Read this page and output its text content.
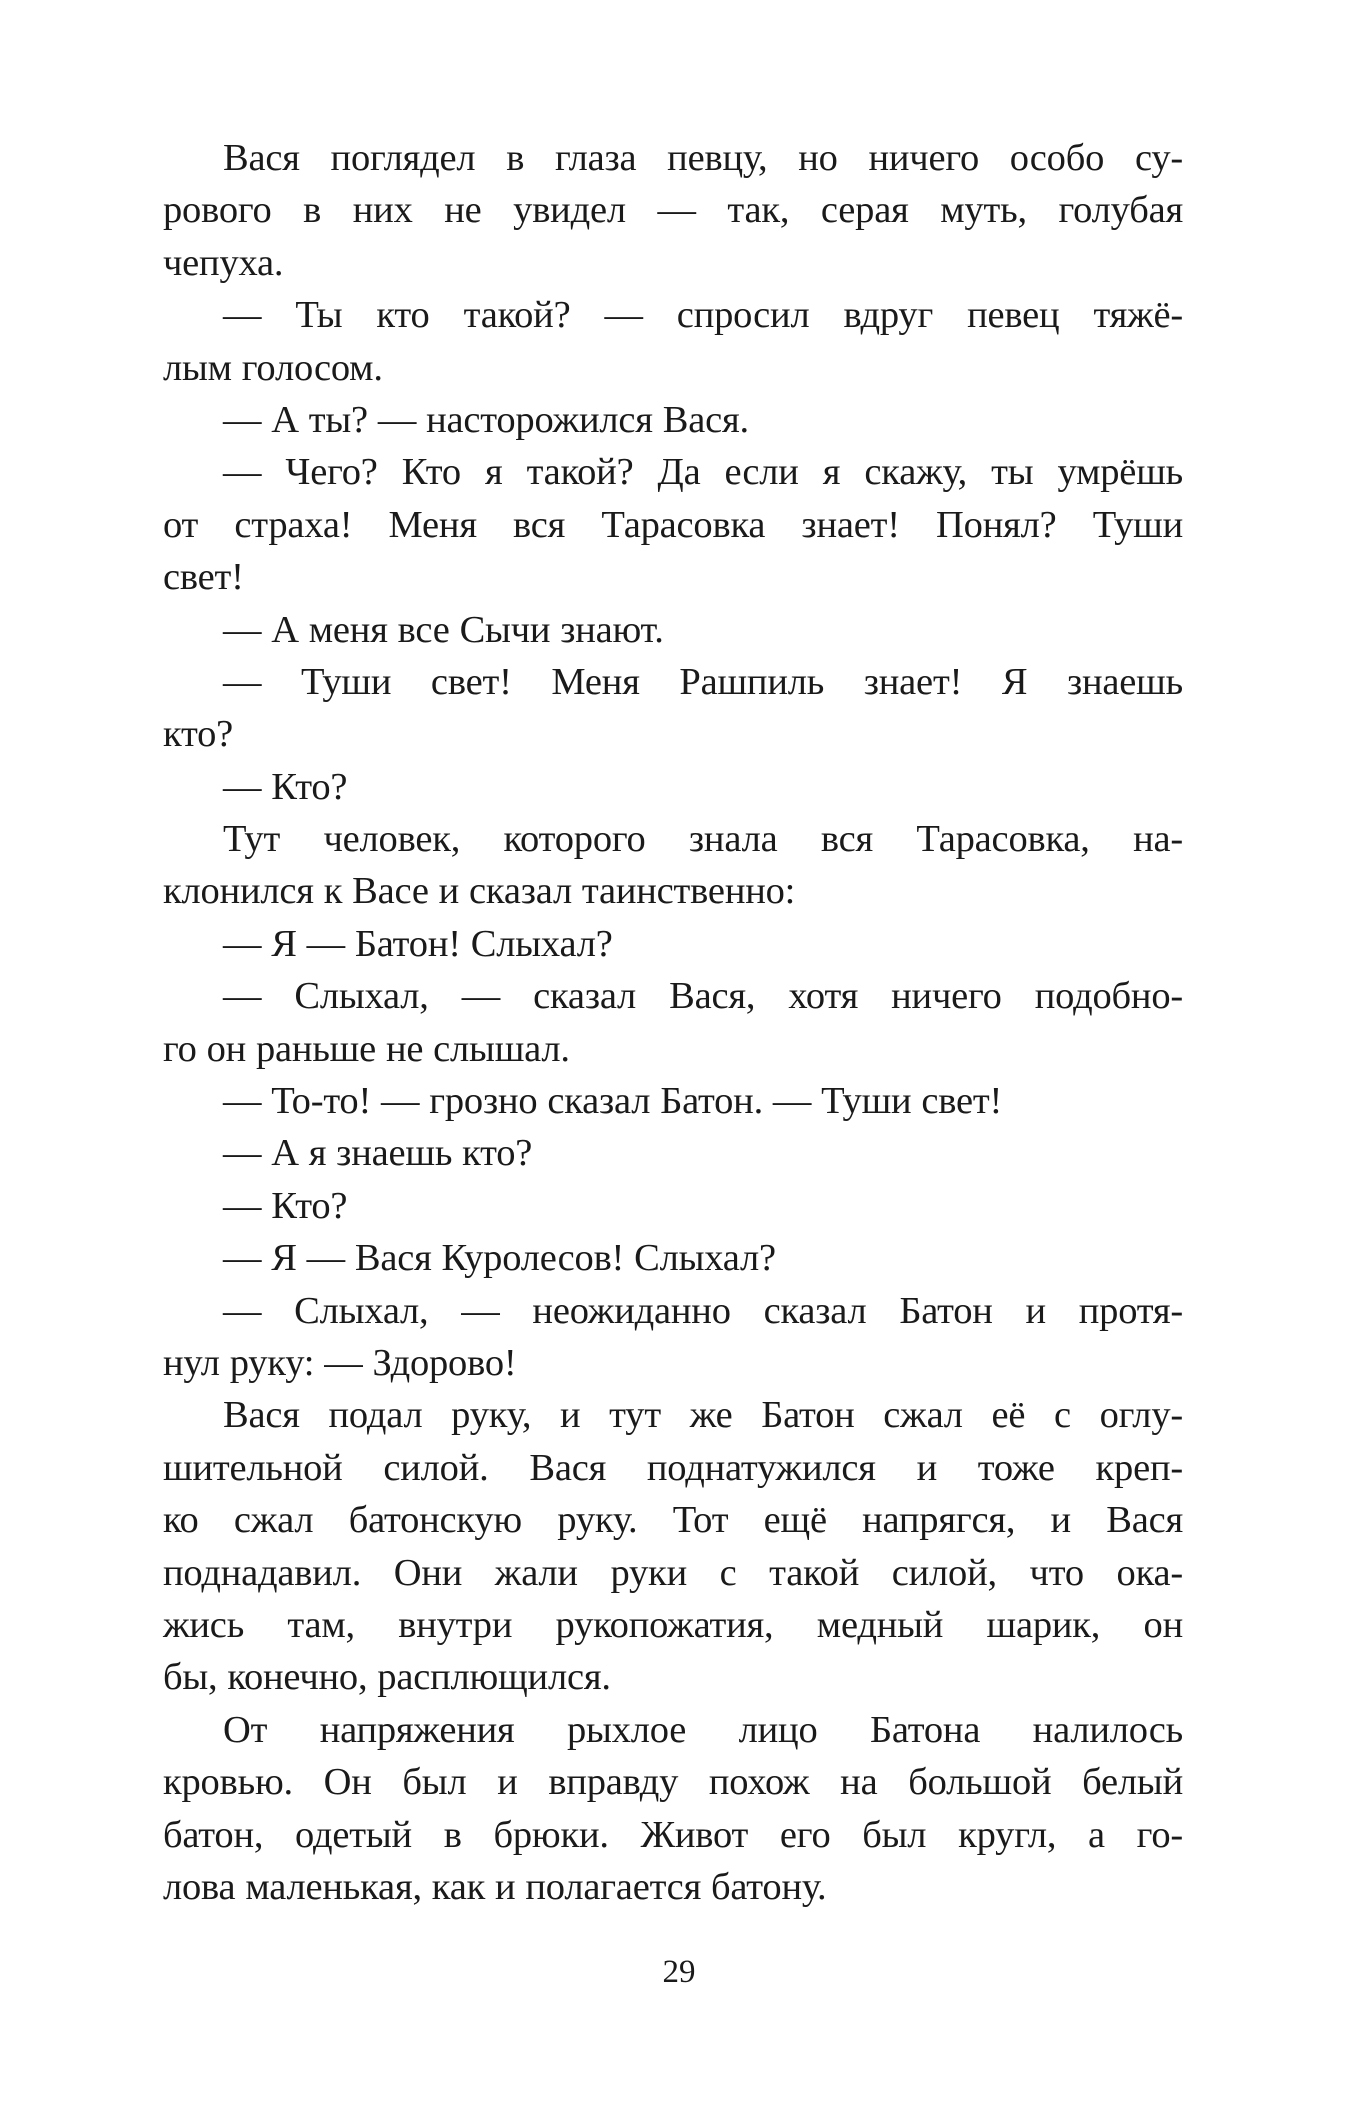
Вася поглядел в глаза певцу, но ничего особо су-
рового в них не увидел — так, серая муть, голубая
чепуха.
— Ты кто такой? — спросил вдруг певец тяжё-
лым голосом.
— А ты? — насторожился Вася.
— Чего? Кто я такой? Да если я скажу, ты умрёшь
от страха! Меня вся Тарасовка знает! Понял? Туши
свет!
— А меня все Сычи знают.
— Туши свет! Меня Рашпиль знает! Я знаешь
кто?
— Кто?
Тут человек, которого знала вся Тарасовка, на-
клонился к Васе и сказал таинственно:
— Я — Батон! Слыхал?
— Слыхал, — сказал Вася, хотя ничего подобно-
го он раньше не слышал.
— То-то! — грозно сказал Батон. — Туши свет!
— А я знаешь кто?
— Кто?
— Я — Вася Куролесов! Слыхал?
— Слыхал, — неожиданно сказал Батон и протя-
нул руку: — Здорово!
Вася подал руку, и тут же Батон сжал её с оглу-
шительной силой. Вася поднатужился и тоже креп-
ко сжал батонскую руку. Тот ещё напрягся, и Вася
поднадавил. Они жали руки с такой силой, что ока-
жись там, внутри рукопожатия, медный шарик, он
бы, конечно, расплющился.
От напряжения рыхлое лицо Батона налилось
кровью. Он был и вправду похож на большой белый
батон, одетый в брюки. Живот его был кругл, а го-
лова маленькая, как и полагается батону.
29
